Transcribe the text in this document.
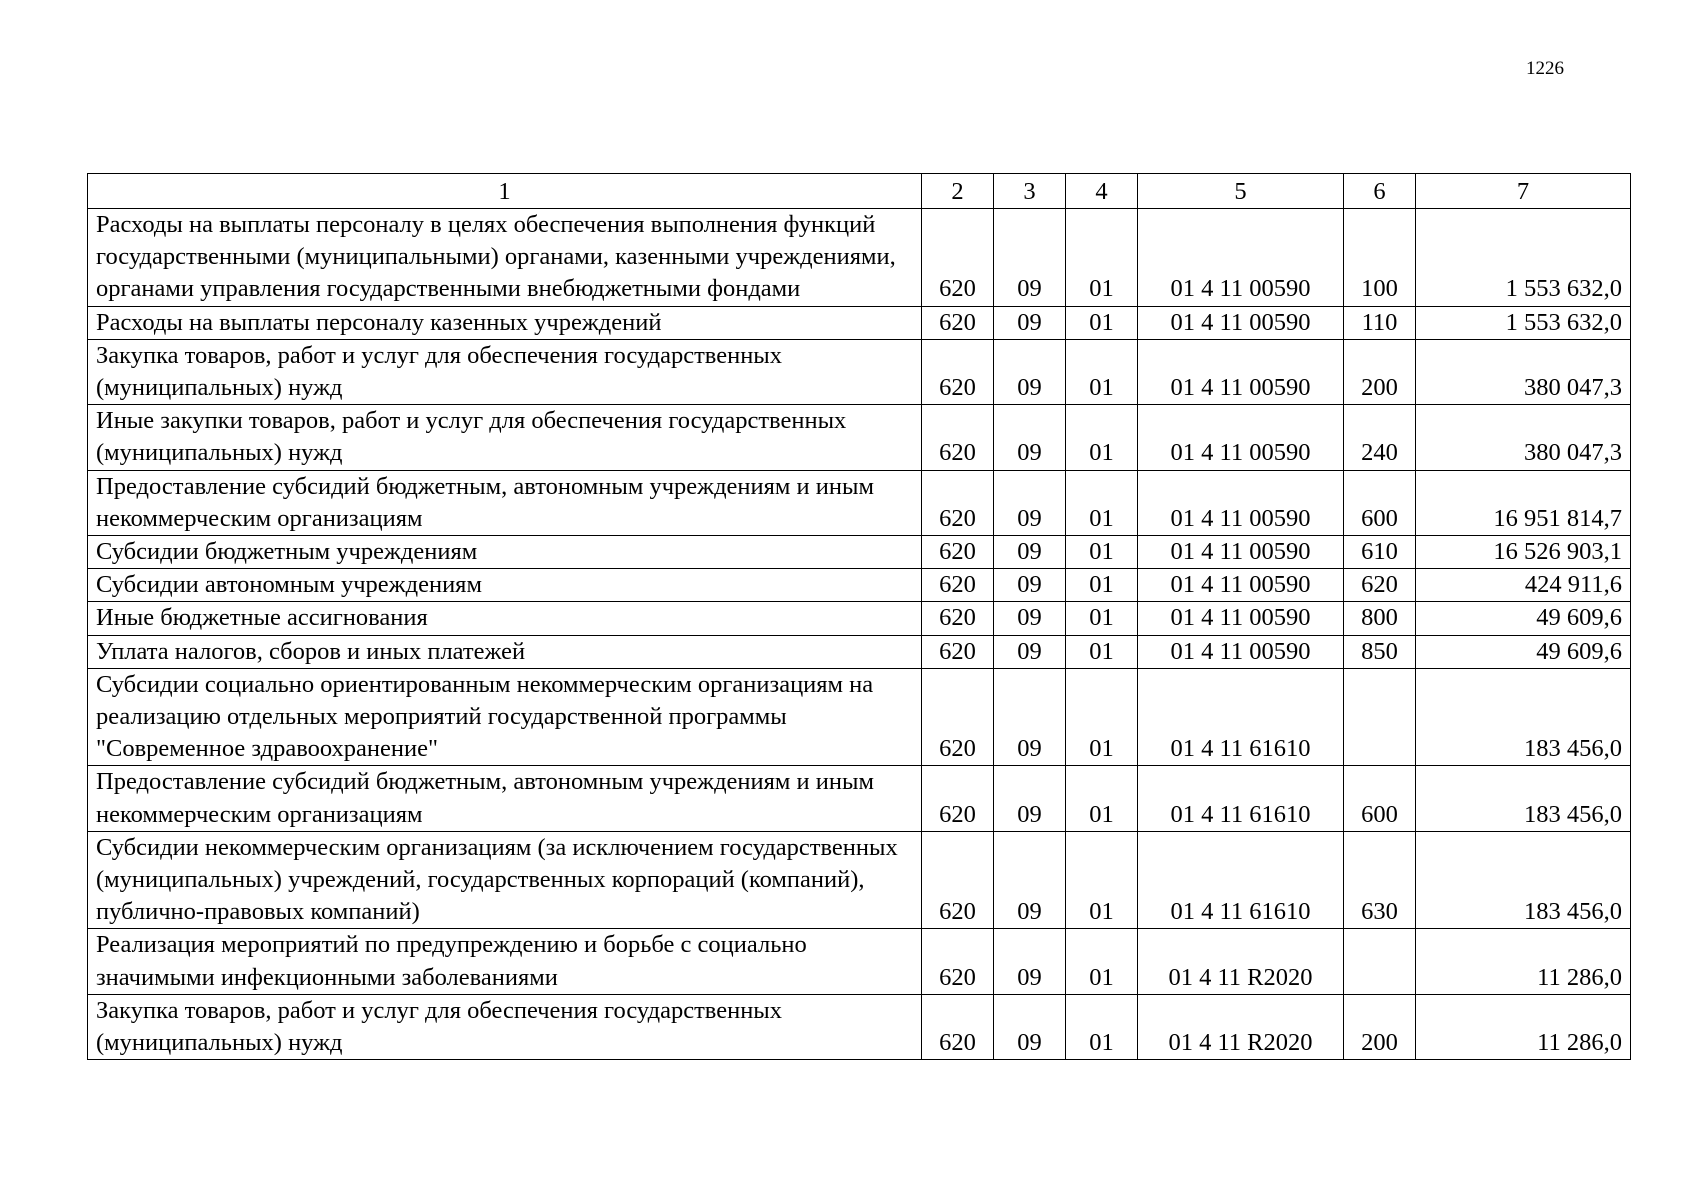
1226
1	2	3	4	5	6	7
Расходы на выплаты персоналу в целях обеспечения выполнения функций государственными (муниципальными) органами, казенными учреждениями, органами управления государственными внебюджетными фондами	620	09	01	01 4 11 00590	100	1 553 632,0
Расходы на выплаты персоналу казенных учреждений	620	09	01	01 4 11 00590	110	1 553 632,0
Закупка товаров, работ и услуг для обеспечения государственных (муниципальных) нужд	620	09	01	01 4 11 00590	200	380 047,3
Иные закупки товаров, работ и услуг для обеспечения государственных (муниципальных) нужд	620	09	01	01 4 11 00590	240	380 047,3
Предоставление субсидий бюджетным, автономным учреждениям и иным некоммерческим организациям	620	09	01	01 4 11 00590	600	16 951 814,7
Субсидии бюджетным учреждениям	620	09	01	01 4 11 00590	610	16 526 903,1
Субсидии автономным учреждениям	620	09	01	01 4 11 00590	620	424 911,6
Иные бюджетные ассигнования	620	09	01	01 4 11 00590	800	49 609,6
Уплата налогов, сборов и иных платежей	620	09	01	01 4 11 00590	850	49 609,6
Субсидии социально ориентированным некоммерческим организациям на реализацию отдельных мероприятий государственной программы "Современное здравоохранение"	620	09	01	01 4 11 61610		183 456,0
Предоставление субсидий бюджетным, автономным учреждениям и иным некоммерческим организациям	620	09	01	01 4 11 61610	600	183 456,0
Субсидии некоммерческим организациям (за исключением государственных (муниципальных) учреждений, государственных корпораций (компаний), публично-правовых компаний)	620	09	01	01 4 11 61610	630	183 456,0
Реализация мероприятий по предупреждению и борьбе с социально значимыми инфекционными заболеваниями	620	09	01	01 4 11 R2020		11 286,0
Закупка товаров, работ и услуг для обеспечения государственных (муниципальных) нужд	620	09	01	01 4 11 R2020	200	11 286,0
